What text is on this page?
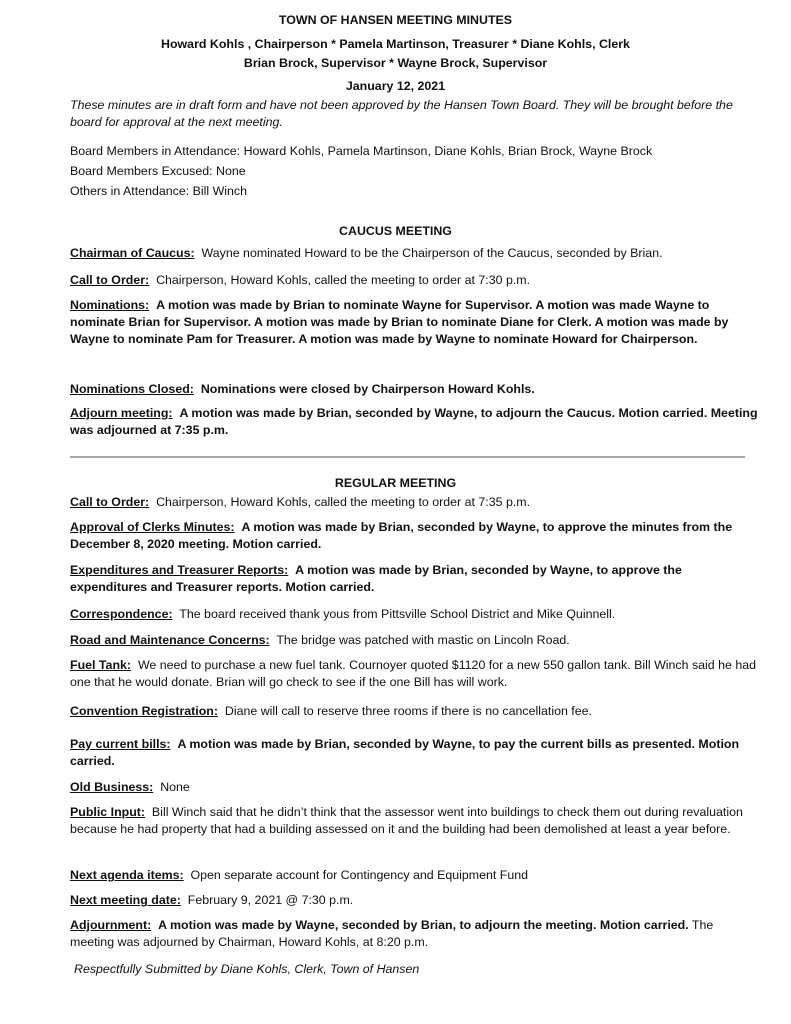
TOWN OF HANSEN MEETING MINUTES
Howard Kohls , Chairperson * Pamela Martinson, Treasurer * Diane Kohls, Clerk
Brian Brock, Supervisor * Wayne Brock, Supervisor
January 12, 2021

These minutes are in draft form and have not been approved by the Hansen Town Board. They will be brought before the board for approval at the next meeting.

Board Members in Attendance: Howard Kohls, Pamela Martinson, Diane Kohls, Brian Brock, Wayne Brock

Board Members Excused: None

Others in Attendance: Bill Winch

CAUCUS MEETING

Chairman of Caucus: Wayne nominated Howard to be the Chairperson of the Caucus, seconded by Brian.

Call to Order: Chairperson, Howard Kohls, called the meeting to order at 7:30 p.m.

Nominations: A motion was made by Brian to nominate Wayne for Supervisor. A motion was made Wayne to nominate Brian for Supervisor. A motion was made by Brian to nominate Diane for Clerk. A motion was made by Wayne to nominate Pam for Treasurer. A motion was made by Wayne to nominate Howard for Chairperson.

Nominations Closed: Nominations were closed by Chairperson Howard Kohls.

Adjourn meeting: A motion was made by Brian, seconded by Wayne, to adjourn the Caucus. Motion carried. Meeting was adjourned at 7:35 p.m.

REGULAR MEETING

Call to Order: Chairperson, Howard Kohls, called the meeting to order at 7:35 p.m.

Approval of Clerks Minutes: A motion was made by Brian, seconded by Wayne, to approve the minutes from the December 8, 2020 meeting. Motion carried.

Expenditures and Treasurer Reports: A motion was made by Brian, seconded by Wayne, to approve the expenditures and Treasurer reports. Motion carried.

Correspondence: The board received thank yous from Pittsville School District and Mike Quinnell.

Road and Maintenance Concerns: The bridge was patched with mastic on Lincoln Road.

Fuel Tank: We need to purchase a new fuel tank. Cournoyer quoted $1120 for a new 550 gallon tank. Bill Winch said he had one that he would donate. Brian will go check to see if the one Bill has will work.

Convention Registration: Diane will call to reserve three rooms if there is no cancellation fee.

Pay current bills: A motion was made by Brian, seconded by Wayne, to pay the current bills as presented. Motion carried.

Old Business: None

Public Input: Bill Winch said that he didn’t think that the assessor went into buildings to check them out during revaluation because he had property that had a building assessed on it and the building had been demolished at least a year before.

Next agenda items: Open separate account for Contingency and Equipment Fund

Next meeting date: February 9, 2021 @ 7:30 p.m.

Adjournment: A motion was made by Wayne, seconded by Brian, to adjourn the meeting. Motion carried. The meeting was adjourned by Chairman, Howard Kohls, at 8:20 p.m.

Respectfully Submitted by Diane Kohls, Clerk, Town of Hansen
